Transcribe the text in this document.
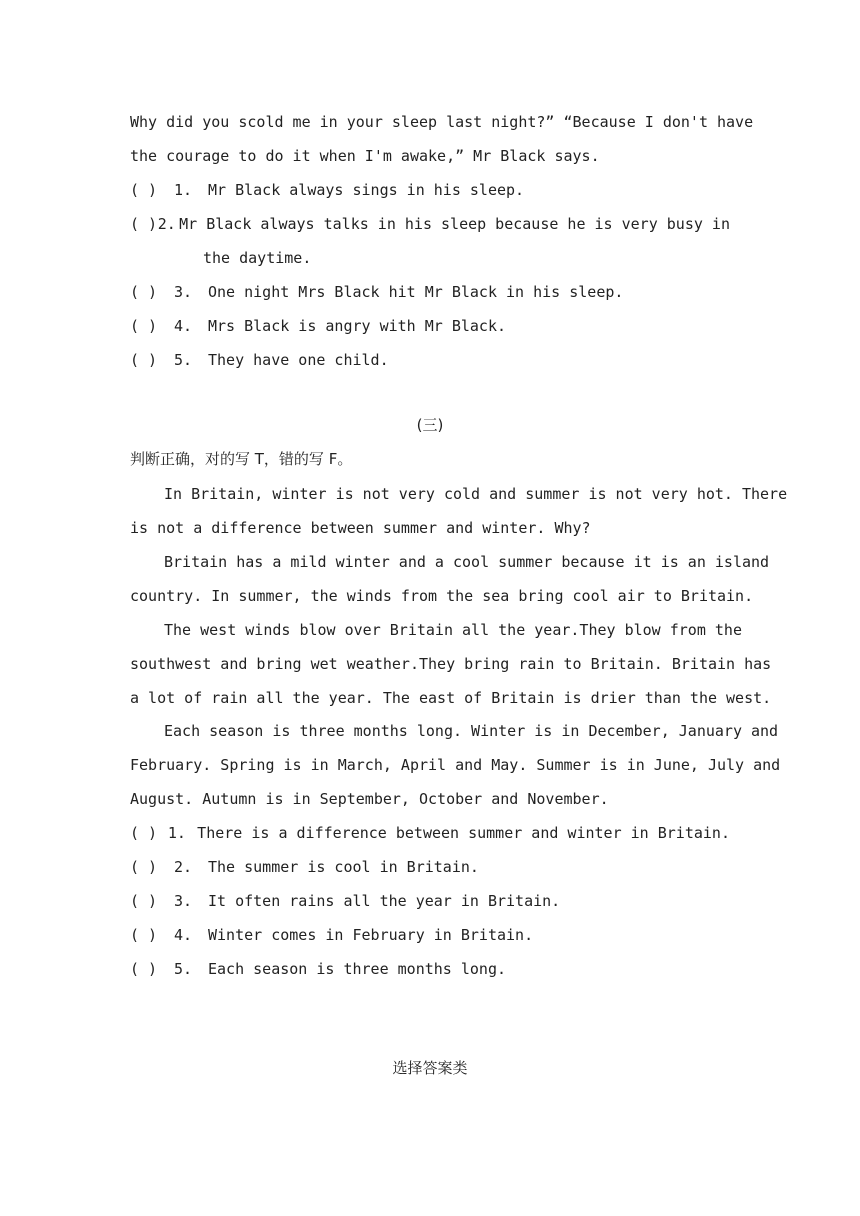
Why did you scold me in your sleep last night?” “Because I don't have
the courage to do it when I'm awake,” Mr Black says.
( )	1.	Mr Black always sings in his sleep.
( ) 2. Mr Black always talks in his sleep because he is very busy in
the daytime.
( )	3.	One night Mrs Black hit Mr Black in his sleep.
( )	4.	Mrs Black is angry with Mr Black.
( )	5.	They have one child.
(三)
判断正确，对的写 T，错的写 F。
In Britain, winter is not very cold and summer is not very hot. There
is not a difference between summer and winter. Why?
Britain has a mild winter and a cool summer because it is an island
country. In summer, the winds from the sea bring cool air to Britain.
The west winds blow over Britain all the year.They blow from the
southwest and bring wet weather.They bring rain to Britain. Britain has
a lot of rain all the year. The east of Britain is drier than the west.
Each season is three months long. Winter is in December, January and
February. Spring is in March, April and May. Summer is in June, July and
August. Autumn is in September, October and November.
( ) 1. There is a difference between summer and winter in Britain.
( )	2.	The summer is cool in Britain.
( )	3.	It often rains all the year in Britain.
( )	4.	Winter comes in February in Britain.
( )	5.	Each season is three months long.
选择答案类
